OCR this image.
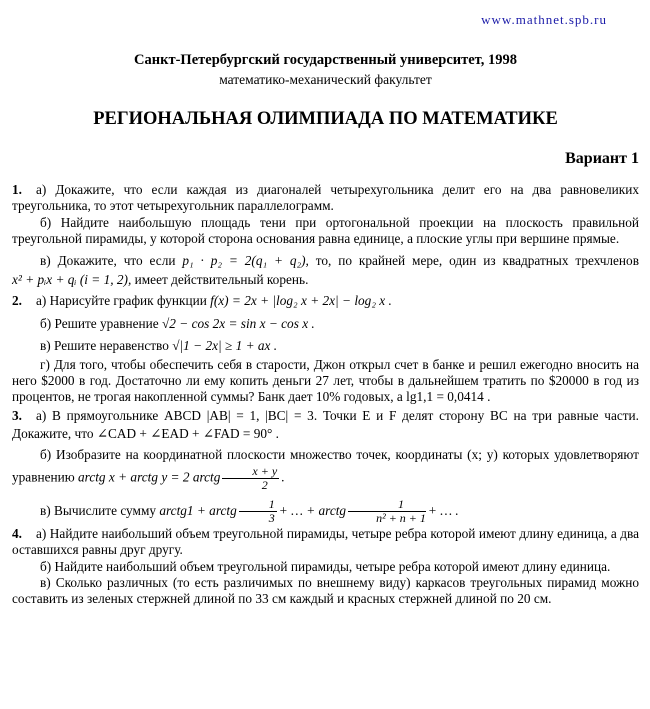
www.mathnet.spb.ru
Санкт-Петербургский государственный университет, 1998
математико-механический факультет
РЕГИОНАЛЬНАЯ ОЛИМПИАДА ПО МАТЕМАТИКЕ
Вариант 1

1. а) Докажите, что если каждая из диагоналей четырехугольника делит его на два равновеликих треугольника, то этот четырехугольник параллелограмм.

б) Найдите наибольшую площадь тени при ортогональной проекции на плоскость правильной треугольной пирамиды, у которой сторона основания равна единице, а плоские углы при вершине прямые.

в) Докажите, что если p₁ · p₂ = 2(q₁ + q₂), то, по крайней мере, один из квадратных трехчленов x² + pᵢx + qᵢ (i = 1, 2), имеет действительный корень.

2. а) Нарисуйте график функции f(x) = 2x + |log₂ x + 2x| − log₂ x .

б) Решите уравнение √2 − cos 2x = sin x − cos x .

в) Решите неравенство √|1 − 2x| ≥ 1 + ax .

г) Для того, чтобы обеспечить себя в старости, Джон открыл счет в банке и решил ежегодно вносить на него $2000 в год. Достаточно ли ему копить деньги 27 лет, чтобы в дальнейшем тратить по $20000 в год из процентов, не трогая накопленной суммы? Банк дает 10% годовых, а lg1,1 = 0,0414 .

3. а) В прямоугольнике ABCD |AB| = 1, |BC| = 3. Точки E и F делят сторону BC на три равные части. Докажите, что ∠CAD + ∠EAD + ∠FAD = 90° .

б) Изобразите на координатной плоскости множество точек, координаты (x; y) которых удовлетворяют уравнению arctg x + arctg y = 2 arctg $\frac{x + y}{2}$ .

в) Вычислите сумму arctg1 + arctg $\frac{1}{3}$ + … + arctg $\frac{1}{\text{n² + n + 1}}$ + … .

4. а) Найдите наибольший объем треугольной пирамиды, четыре ребра которой имеют длину единица, а два оставшихся равны друг другу.

б) Найдите наибольший объем треугольной пирамиды, четыре ребра которой имеют длину единица.

в) Сколько различных (то есть различимых по внешнему виду) каркасов треугольных пирамид можно составить из зеленых стержней длиной по 33 см каждый и красных стержней длиной по 20 см.
